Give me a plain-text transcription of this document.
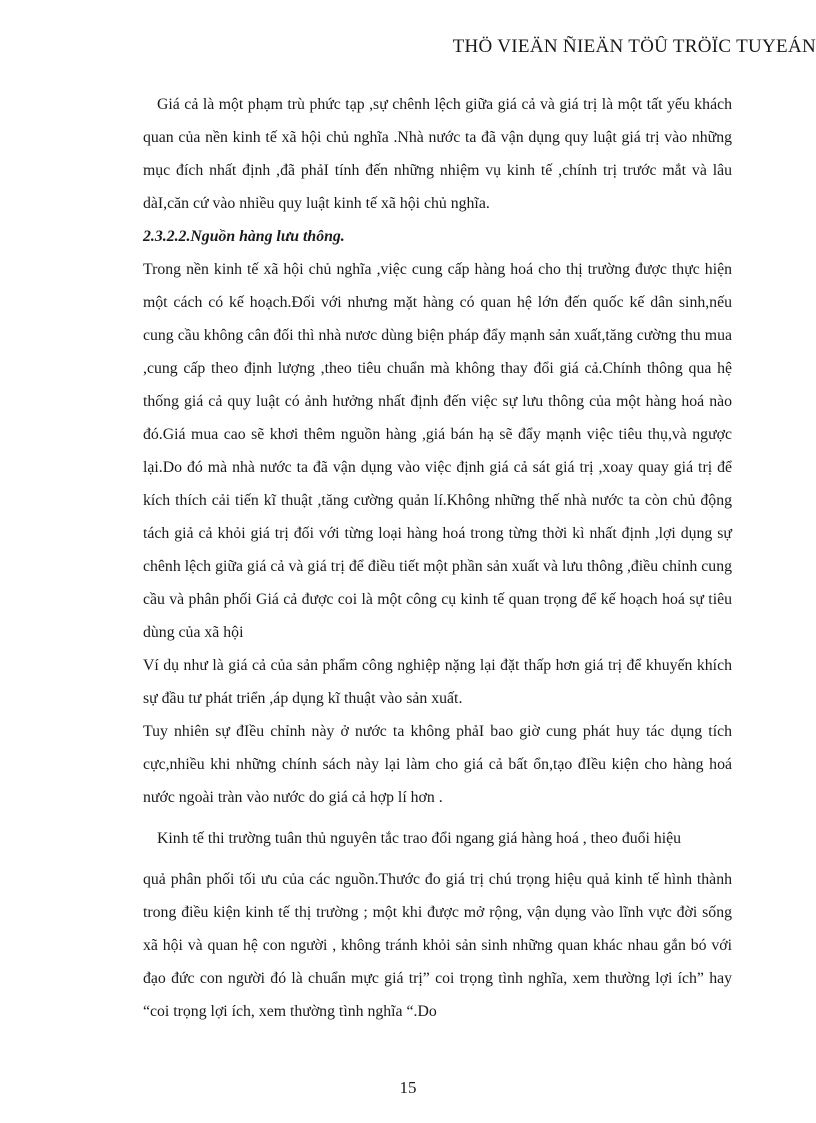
THÖ VIEÄN ÑIEÄN TÖÛ TRÖÏC TUYEÁN

Giá cả là một phạm trù phức tạp ,sự chênh lệch giữa giá cả và giá trị là một tất yếu khách quan của nền kinh tế xã hội chủ nghĩa .Nhà nước ta đã vận dụng quy luật giá trị vào những mục đích nhất định ,đã phảI tính đến những nhiệm vụ kinh tế ,chính trị trước mắt và lâu dàI,căn cứ vào nhiều quy luật kinh tế xã hội chủ nghĩa.

2.3.2.2.Nguồn hàng lưu thông.

Trong nền kinh tế xã hội chủ nghĩa ,việc cung cấp hàng hoá cho thị trường được thực hiện một cách có kế hoạch.Đối với nhưng mặt hàng có quan hệ lớn đến quốc kế dân sinh,nếu cung cầu không cân đối thì nhà nươc dùng biện pháp đẩy mạnh sản xuất,tăng cường thu mua ,cung cấp theo định lượng ,theo tiêu chuẩn mà không thay đổi giá cả.Chính thông qua hệ thống giá cả quy luật có ảnh hưởng nhất định đến việc sự lưu thông của một hàng hoá nào đó.Giá mua cao sẽ khơi thêm nguồn hàng ,giá bán hạ sẽ đẩy mạnh việc tiêu thụ,và ngược lại.Do đó mà nhà nước ta đã vận dụng vào việc định giá cả sát giá trị ,xoay quay giá trị để kích thích cải tiến kĩ thuật ,tăng cường quản lí.Không những thế nhà nước ta còn chủ động tách giả cả khỏi giá trị đối với từng loại hàng hoá trong từng thời kì nhất định ,lợi dụng sự chênh lệch giữa giá cả và giá trị để điều tiết một phần sản xuất và lưu thông ,điều chỉnh cung cầu và phân phối Giá cả được coi là một công cụ kinh tế quan trọng để kế hoạch hoá sự tiêu dùng của xã hội

Ví dụ như là giá cả của sản phẩm công nghiệp nặng lại đặt thấp hơn giá trị để khuyến khích sự đầu tư phát triển ,áp dụng kĩ thuật vào sản xuất.

Tuy nhiên sự đIều chỉnh này ở nước ta không phảI bao giờ cung phát huy tác dụng tích cực,nhiều khi những chính sách này lại làm cho giá cả bất ổn,tạo đIều kiện cho hàng hoá nước ngoài tràn vào nước do giá cả hợp lí hơn .

Kinh tế thi trường tuân thủ nguyên tắc trao đổi ngang giá hàng hoá , theo đuổi hiệu

quả phân phối tối ưu của các nguồn.Thước đo giá trị chú trọng hiệu quả kinh tế hình thành trong điều kiện kinh tế thị trường ; một khi được mở rộng, vận dụng vào lĩnh vực đời sống xã hội và quan hệ con người , không tránh khỏi sản sinh những quan khác nhau gắn bó với đạo đức con người đó là chuẩn mực giá trị” coi trọng tình nghĩa, xem thường lợi ích” hay “coi trọng lợi ích, xem thường tình nghĩa “.Do

15
